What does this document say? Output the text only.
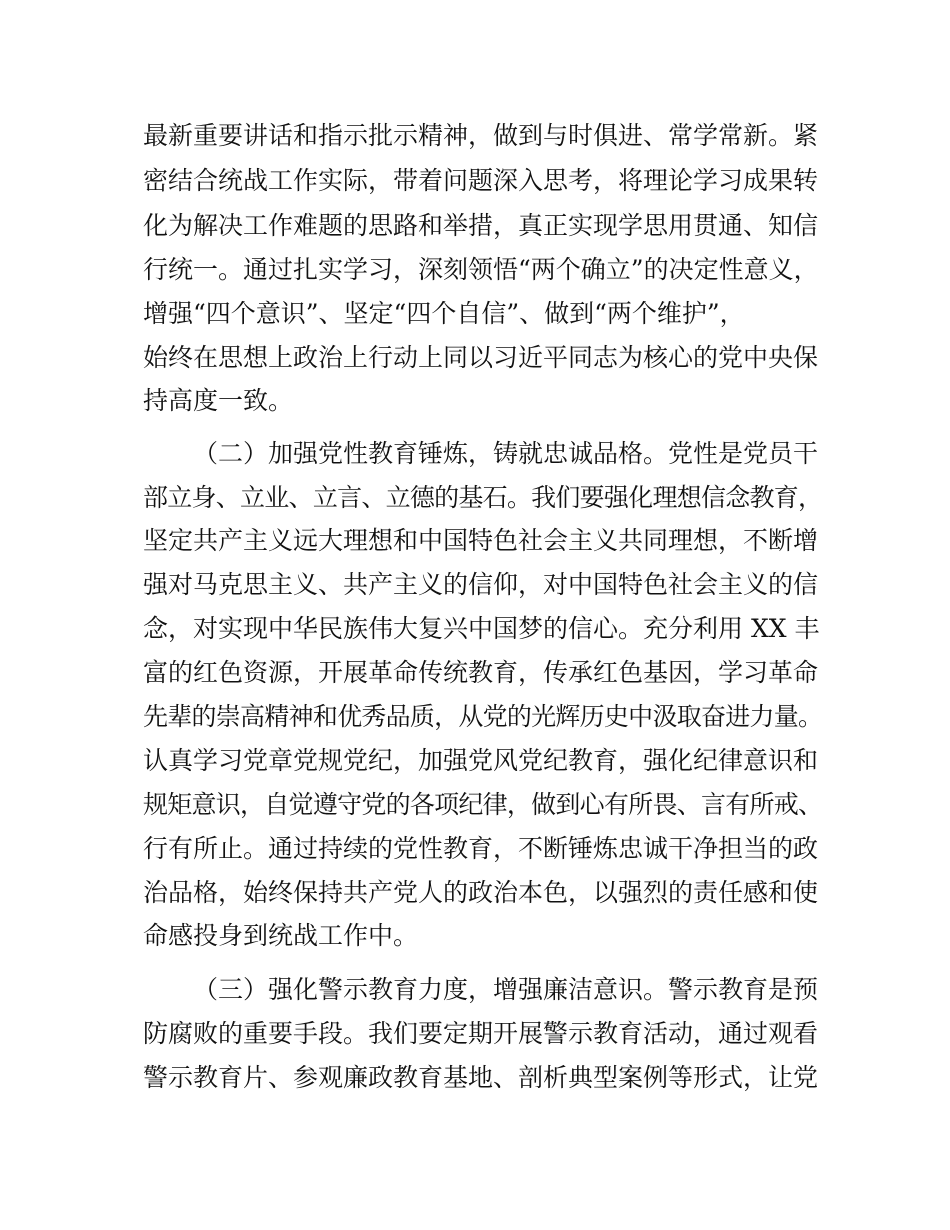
最新重要讲话和指示批示精神，做到与时俱进、常学常新。紧

密结合统战工作实际，带着问题深入思考，将理论学习成果转

化为解决工作难题的思路和举措，真正实现学思用贯通、知信

行统一。通过扎实学习，深刻领悟“两个确立”的决定性意义，

增强“四个意识”、坚定“四个自信”、做到“两个维护”，

始终在思想上政治上行动上同以习近平同志为核心的党中央保

持高度一致。

（二）加强党性教育锤炼，铸就忠诚品格。党性是党员干

部立身、立业、立言、立德的基石。我们要强化理想信念教育，

坚定共产主义远大理想和中国特色社会主义共同理想，不断增

强对马克思主义、共产主义的信仰，对中国特色社会主义的信

念，对实现中华民族伟大复兴中国梦的信心。充分利用 XX 丰

富的红色资源，开展革命传统教育，传承红色基因，学习革命

先辈的崇高精神和优秀品质，从党的光辉历史中汲取奋进力量。

认真学习党章党规党纪，加强党风党纪教育，强化纪律意识和

规矩意识，自觉遵守党的各项纪律，做到心有所畏、言有所戒、

行有所止。通过持续的党性教育，不断锤炼忠诚干净担当的政

治品格，始终保持共产党人的政治本色，以强烈的责任感和使

命感投身到统战工作中。

（三）强化警示教育力度，增强廉洁意识。警示教育是预

防腐败的重要手段。我们要定期开展警示教育活动，通过观看

警示教育片、参观廉政教育基地、剖析典型案例等形式，让党
